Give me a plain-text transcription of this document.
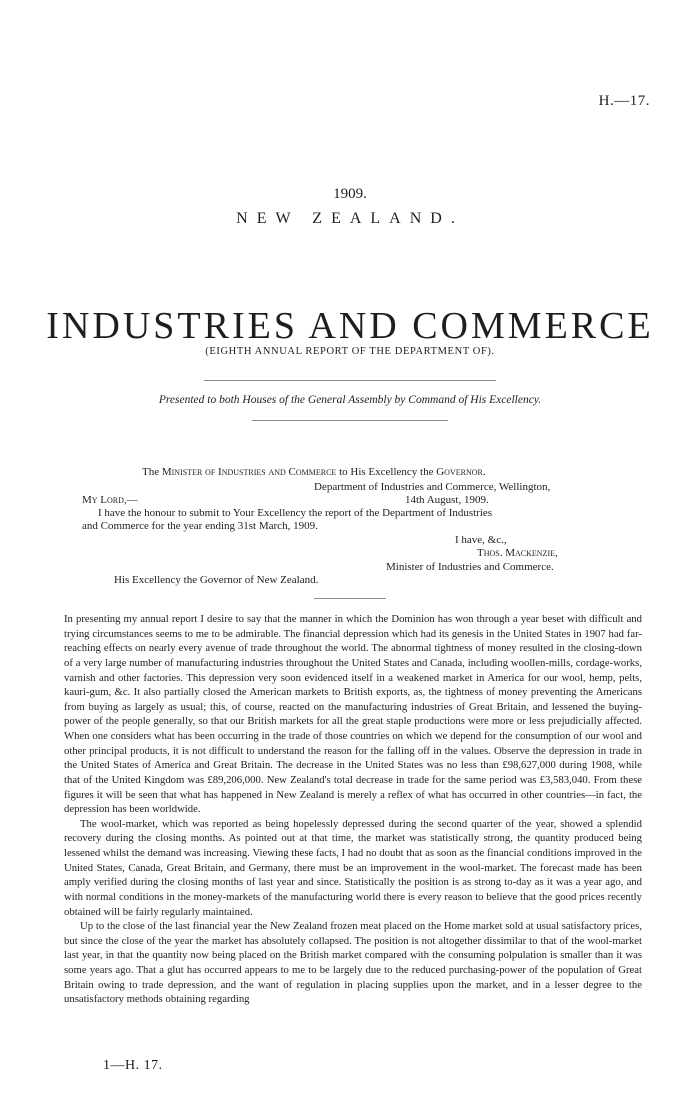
H.—17.
1909.
NEW ZEALAND.
INDUSTRIES AND COMMERCE
(EIGHTH ANNUAL REPORT OF THE DEPARTMENT OF).
Presented to both Houses of the General Assembly by Command of His Excellency.
The Minister of Industries and Commerce to His Excellency the Governor.
Department of Industries and Commerce, Wellington,
My Lord,—	14th August, 1909.
I have the honour to submit to Your Excellency the report of the Department of Industries
and Commerce for the year ending 31st March, 1909.
I have, &c.,
Thos. Mackenzie,
Minister of Industries and Commerce.
His Excellency the Governor of New Zealand.

In presenting my annual report I desire to say that the manner in which the Dominion has won through a year beset with difficult and trying circumstances seems to me to be admirable. The financial depression which had its genesis in the United States in 1907 had far-reaching effects on nearly every avenue of trade throughout the world. The abnormal tightness of money resulted in the closing-down of a very large number of manufacturing industries throughout the United States and Canada, including woollen-mills, cordage-works, varnish and other factories. This depression very soon evidenced itself in a weakened market in America for our wool, hemp, pelts, kauri-gum, &c. It also partially closed the American markets to British exports, as, the tightness of money preventing the Americans from buying as largely as usual; this, of course, reacted on the manufacturing industries of Great Britain, and lessened the buying-power of the people generally, so that our British markets for all the great staple productions were more or less prejudicially affected. When one considers what has been occurring in the trade of those countries on which we depend for the consumption of our wool and other principal products, it is not difficult to understand the reason for the falling off in the values. Observe the depression in trade in the United States of America and Great Britain. The decrease in the United States was no less than £98,627,000 during 1908, while that of the United Kingdom was £89,206,000. New Zealand's total decrease in trade for the same period was £3,583,040. From these figures it will be seen that what has happened in New Zealand is merely a reflex of what has occurred in other countries—in fact, the depression has been worldwide.

The wool-market, which was reported as being hopelessly depressed during the second quarter of the year, showed a splendid recovery during the closing months. As pointed out at that time, the market was statistically strong, the quantity produced being lessened whilst the demand was increasing. Viewing these facts, I had no doubt that as soon as the financial conditions improved in the United States, Canada, Great Britain, and Germany, there must be an improvement in the wool-market. The forecast made has been amply verified during the closing months of last year and since. Statistically the position is as strong to-day as it was a year ago, and with normal conditions in the money-markets of the manufacturing world there is every reason to believe that the good prices recently obtained will be fairly regularly maintained.

Up to the close of the last financial year the New Zealand frozen meat placed on the Home market sold at usual satisfactory prices, but since the close of the year the market has absolutely collapsed. The position is not altogether dissimilar to that of the wool-market last year, in that the quantity now being placed on the British market compared with the consuming polpulation is smaller than it was some years ago. That a glut has occurred appears to me to be largely due to the reduced purchasing-power of the population of Great Britain owing to trade depression, and the want of regulation in placing supplies upon the market, and in a lesser degree to the unsatisfactory methods obtaining regarding

1—H. 17.
